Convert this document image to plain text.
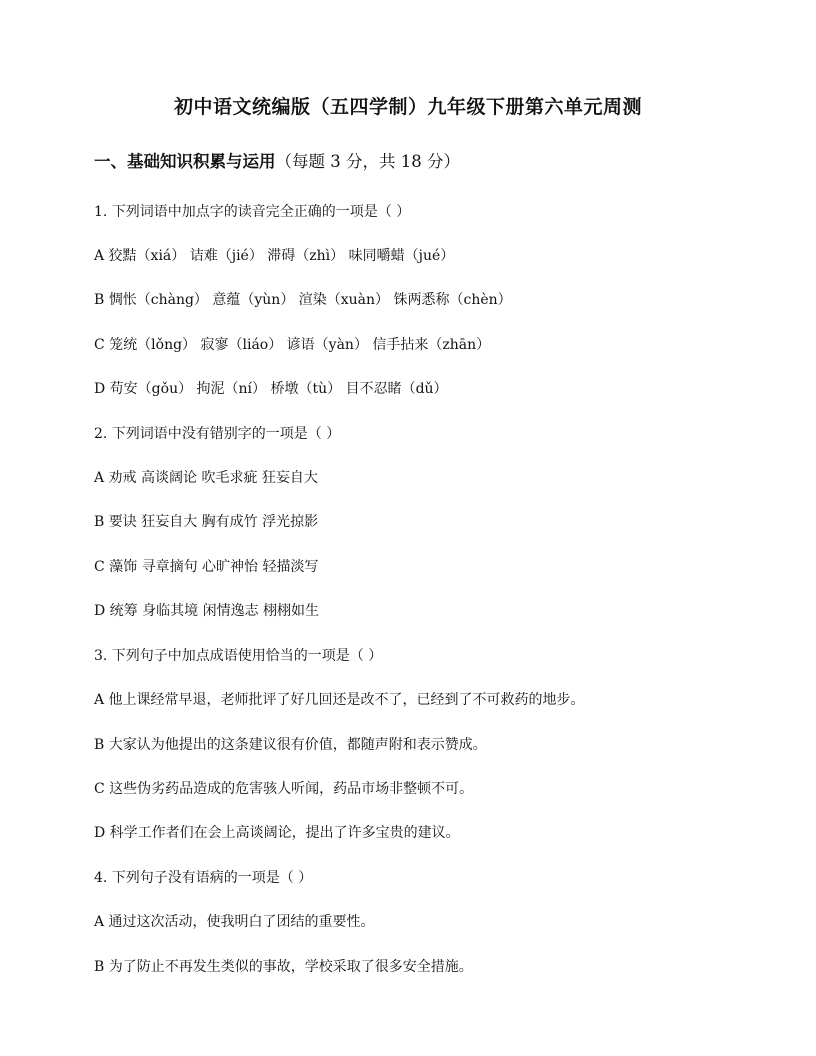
初中语文统编版（五四学制）九年级下册第六单元周测
一、基础知识积累与运用（每题 3 分，共 18 分）
1. 下列词语中加点字的读音完全正确的一项是（ ）
A 狡黠（xiá） 诘难（jié） 滞碍（zhì） 味同嚼蜡（jué）
B 惆怅（chàng） 意蕴（yùn） 渲染（xuàn） 铢两悉称（chèn）
C 笼统（lǒng） 寂寥（liáo） 谚语（yàn） 信手拈来（zhān）
D 苟安（gǒu） 拘泥（ní） 桥墩（tù） 目不忍睹（dǔ）
2. 下列词语中没有错别字的一项是（ ）
A 劝戒 高谈阔论 吹毛求疵 狂妄自大
B 要诀 狂妄自大 胸有成竹 浮光掠影
C 藻饰 寻章摘句 心旷神怡 轻描淡写
D 统筹 身临其境 闲情逸志 栩栩如生
3. 下列句子中加点成语使用恰当的一项是（ ）
A 他上课经常早退，老师批评了好几回还是改不了，已经到了不可救药的地步。
B 大家认为他提出的这条建议很有价值，都随声附和表示赞成。
C 这些伪劣药品造成的危害骇人听闻，药品市场非整顿不可。
D 科学工作者们在会上高谈阔论，提出了许多宝贵的建议。
4. 下列句子没有语病的一项是（ ）
A 通过这次活动，使我明白了团结的重要性。
B 为了防止不再发生类似的事故，学校采取了很多安全措施。
